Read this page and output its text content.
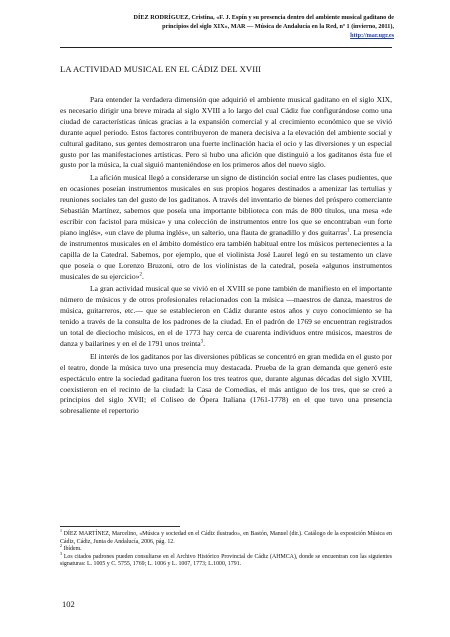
DÍEZ RODRÍGUEZ, Cristina, «F. J. Espín y su presencia dentro del ambiente musical gaditano de
principios del siglo XIX», MAR — Música de Andalucía en la Red, nº 1 (invierno, 2011),
http://mar.ugr.es
LA ACTIVIDAD MUSICAL EN EL CÁDIZ DEL XVIII

Para entender la verdadera dimensión que adquirió el ambiente musical gaditano en el siglo XIX, es necesario dirigir una breve mirada al siglo XVIII a lo largo del cual Cádiz fue configurándose como una ciudad de características únicas gracias a la expansión comercial y al crecimiento económico que se vivió durante aquel periodo. Estos factores contribuyeron de manera decisiva a la elevación del ambiente social y cultural gaditano, sus gentes demostraron una fuerte inclinación hacia el ocio y las diversiones y un especial gusto por las manifestaciones artísticas. Pero si hubo una afición que distinguió a los gaditanos ésta fue el gusto por la música, la cual siguió manteniéndose en los primeros años del nuevo siglo.

La afición musical llegó a considerarse un signo de distinción social entre las clases pudientes, que en ocasiones poseían instrumentos musicales en sus propios hogares destinados a amenizar las tertulias y reuniones sociales tan del gusto de los gaditanos. A través del inventario de bienes del próspero comerciante Sebastián Martínez, sabemos que poseía una importante biblioteca con más de 800 títulos, una mesa «de escribir con facistol para música» y una colección de instrumentos entre los que se encontraban «un forte piano inglés», «un clave de pluma inglés», un salterio, una flauta de granadillo y dos guitarras$^1$. La presencia de instrumentos musicales en el ámbito doméstico era también habitual entre los músicos pertenecientes a la capilla de la Catedral. Sabemos, por ejemplo, que el violinista José Laurel legó en su testamento un clave que poseía o que Lorenzo Bruzoni, otro de los violinistas de la catedral, poseía «algunos instrumentos musicales de su ejercicio»$^2$.

La gran actividad musical que se vivió en el XVIII se pone también de manifiesto en el importante número de músicos y de otros profesionales relacionados con la música —maestros de danza, maestros de música, guitarreros, etc.— que se establecieron en Cádiz durante estos años y cuyo conocimiento se ha tenido a través de la consulta de los padrones de la ciudad. En el padrón de 1769 se encuentran registrados un total de dieciocho músicos, en el de 1773 hay cerca de cuarenta individuos entre músicos, maestros de danza y bailarines y en el de 1791 unos treinta$^3$.

El interés de los gaditanos por las diversiones públicas se concentró en gran medida en el gusto por el teatro, donde la música tuvo una presencia muy destacada. Prueba de la gran demanda que generó este espectáculo entre la sociedad gaditana fueron los tres teatros que, durante algunas décadas del siglo XVIII, coexistieron en el recinto de la ciudad: la Casa de Comedias, el más antiguo de los tres, que se creó a principios del siglo XVII; el Coliseo de Ópera Italiana (1761-1778) en el que tuvo una presencia sobresaliente el repertorio

$^1$ DÍEZ MARTÍNEZ, Marcelino, «Música y sociedad en el Cádiz ilustrado», en Bastón, Manuel (dir.). Catálogo de la exposición Música en Cádiz, Cádiz, Junta de Andalucía, 2006, pág. 12.

$^2$ Ibídem.

$^3$ Los citados padrones pueden consultarse en el Archivo Histórico Provincial de Cádiz (AHMCA), donde se encuentran con las siguientes signaturas: L. 1005 y C. 5755, 1769; L. 1006 y L. 1007, 1773; L.1000, 1791.

102
